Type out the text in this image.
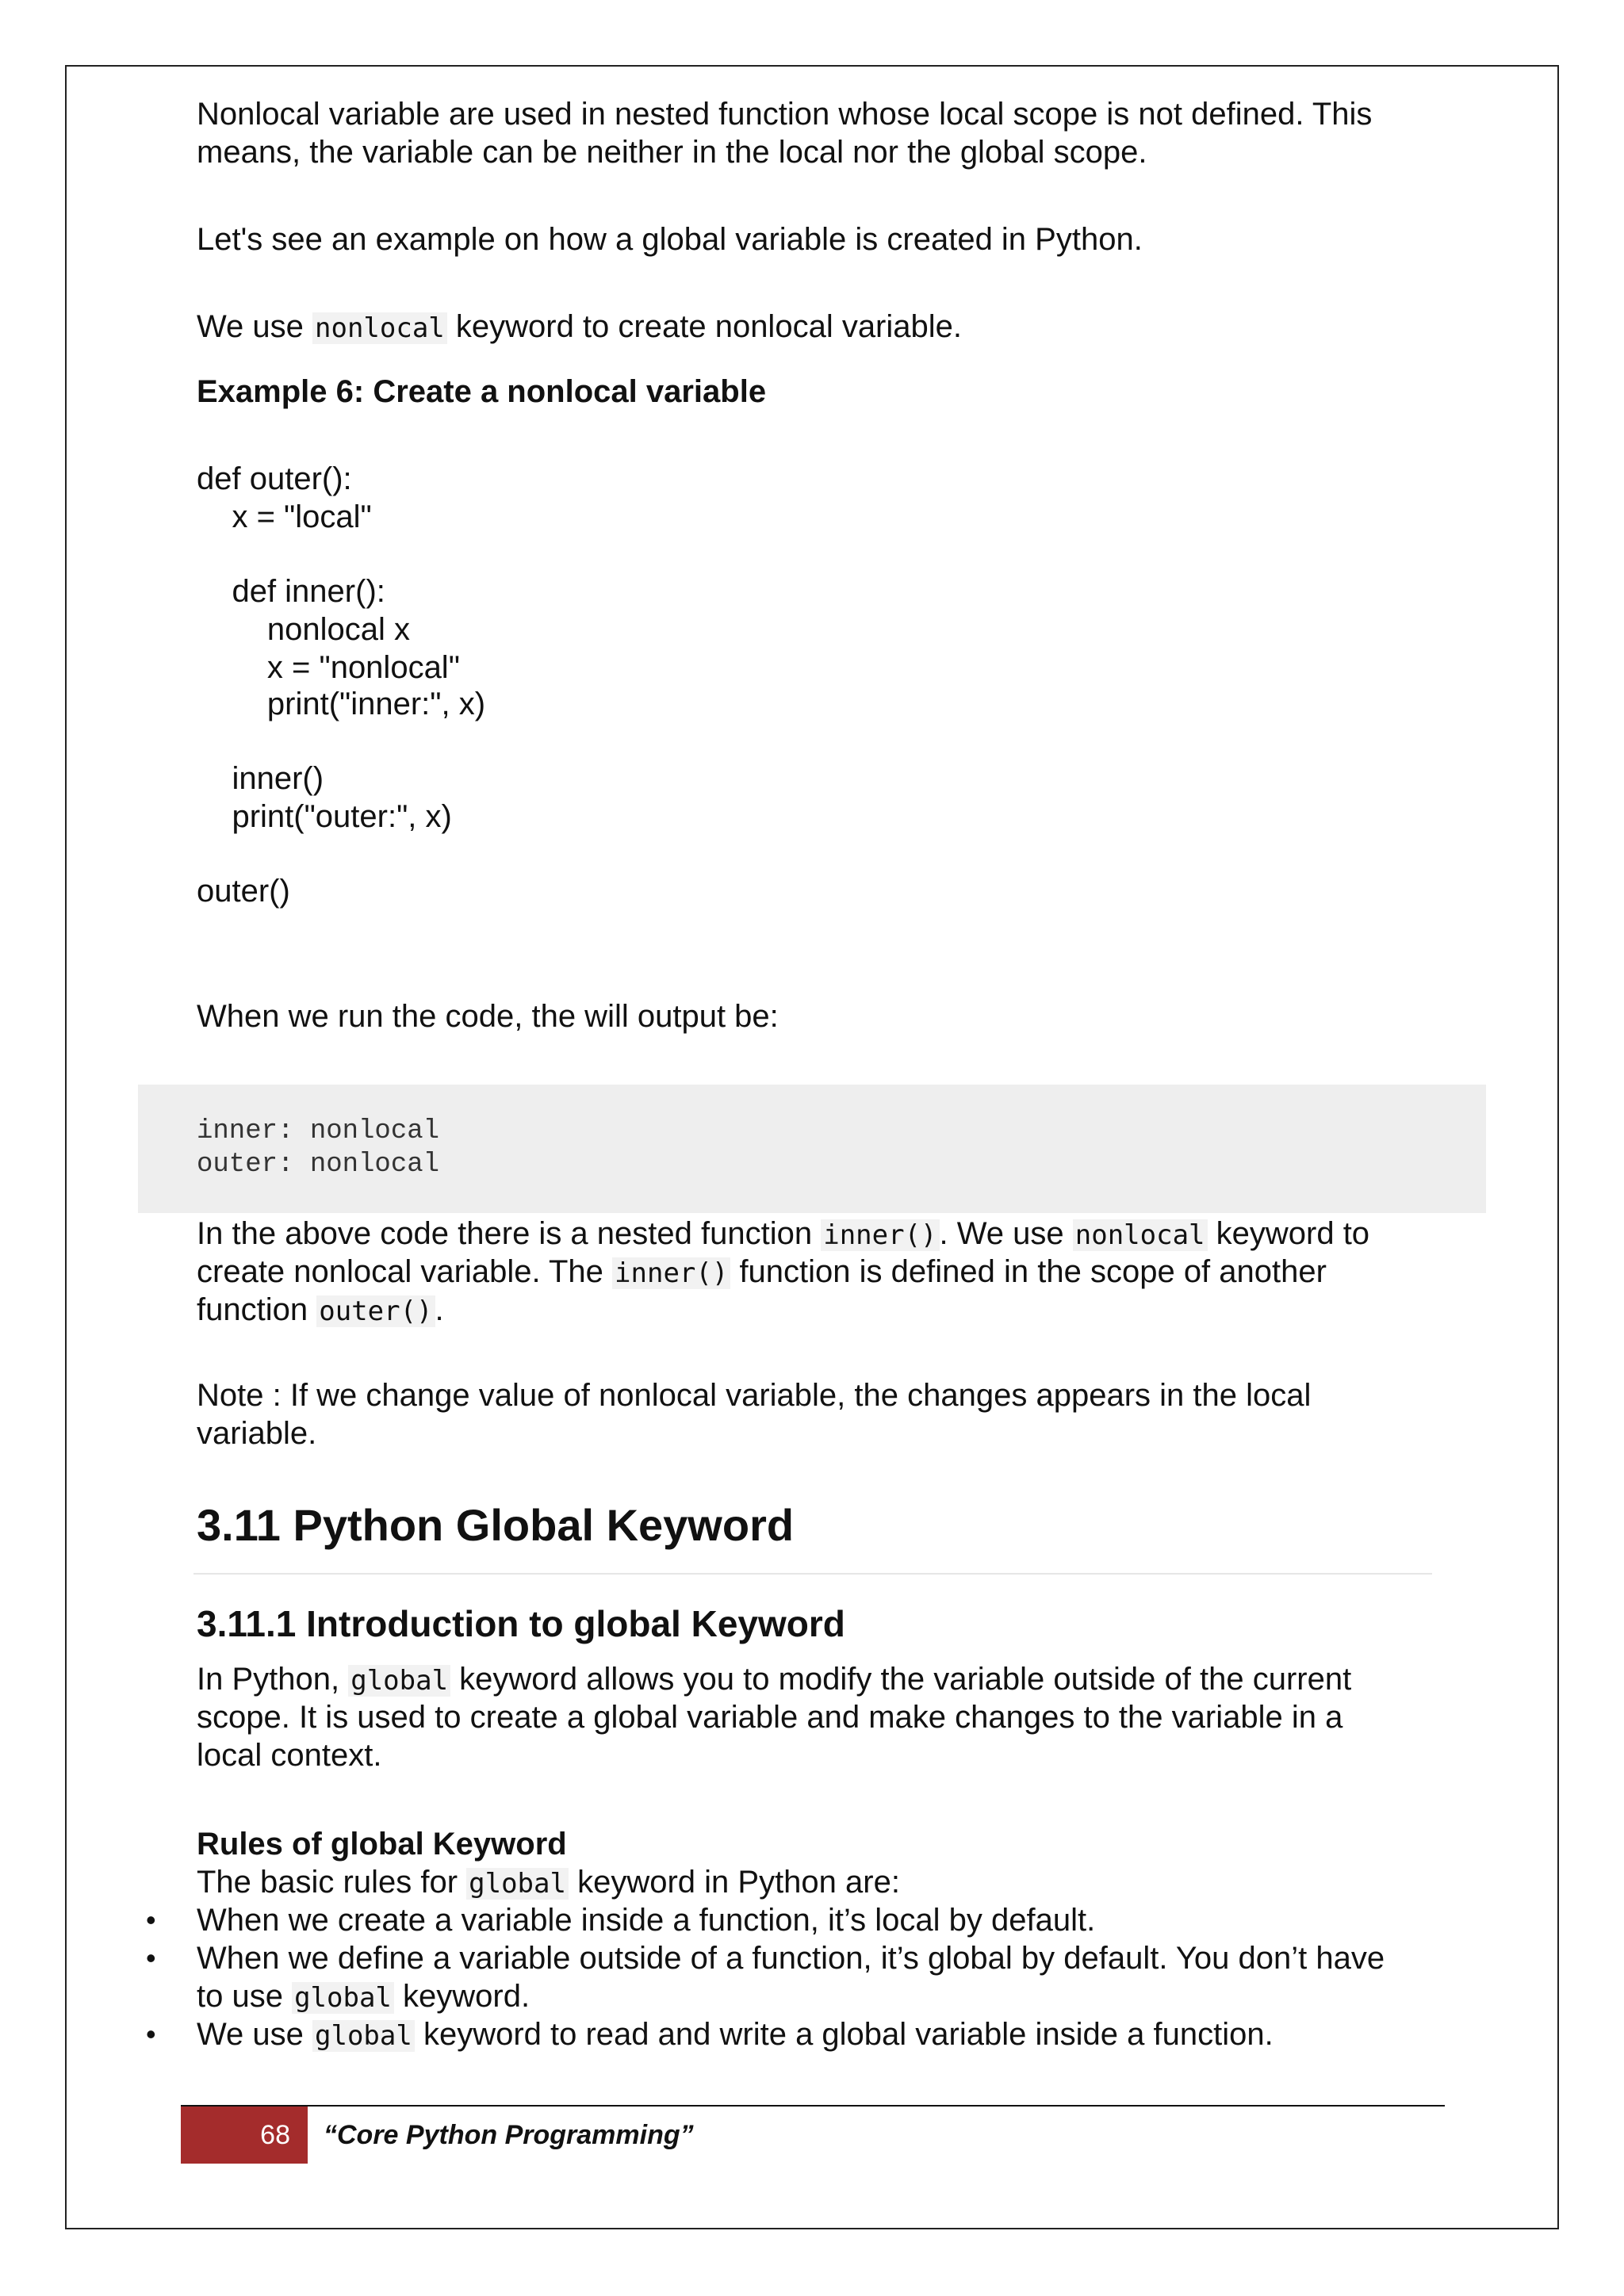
Nonlocal variable are used in nested function whose local scope is not defined. This
means, the variable can be neither in the local nor the global scope.
Let's see an example on how a global variable is created in Python.
We use nonlocal keyword to create nonlocal variable.
Example 6: Create a nonlocal variable
def outer():
x = "local"
def inner():
nonlocal x
x = "nonlocal"
print("inner:", x)
inner()
print("outer:", x)
outer()
When we run the code, the will output be:
inner: nonlocal
outer: nonlocal
In the above code there is a nested function inner(). We use nonlocal keyword to
create nonlocal variable. The inner() function is defined in the scope of another
function outer().
Note : If we change value of nonlocal variable, the changes appears in the local
variable.
3.11 Python Global Keyword
3.11.1 Introduction to global Keyword
In Python, global keyword allows you to modify the variable outside of the current
scope. It is used to create a global variable and make changes to the variable in a
local context.
Rules of global Keyword
The basic rules for global keyword in Python are:
• When we create a variable inside a function, it’s local by default.
• When we define a variable outside of a function, it’s global by default. You don’t have
to use global keyword.
• We use global keyword to read and write a global variable inside a function.
68	“Core Python Programming”
